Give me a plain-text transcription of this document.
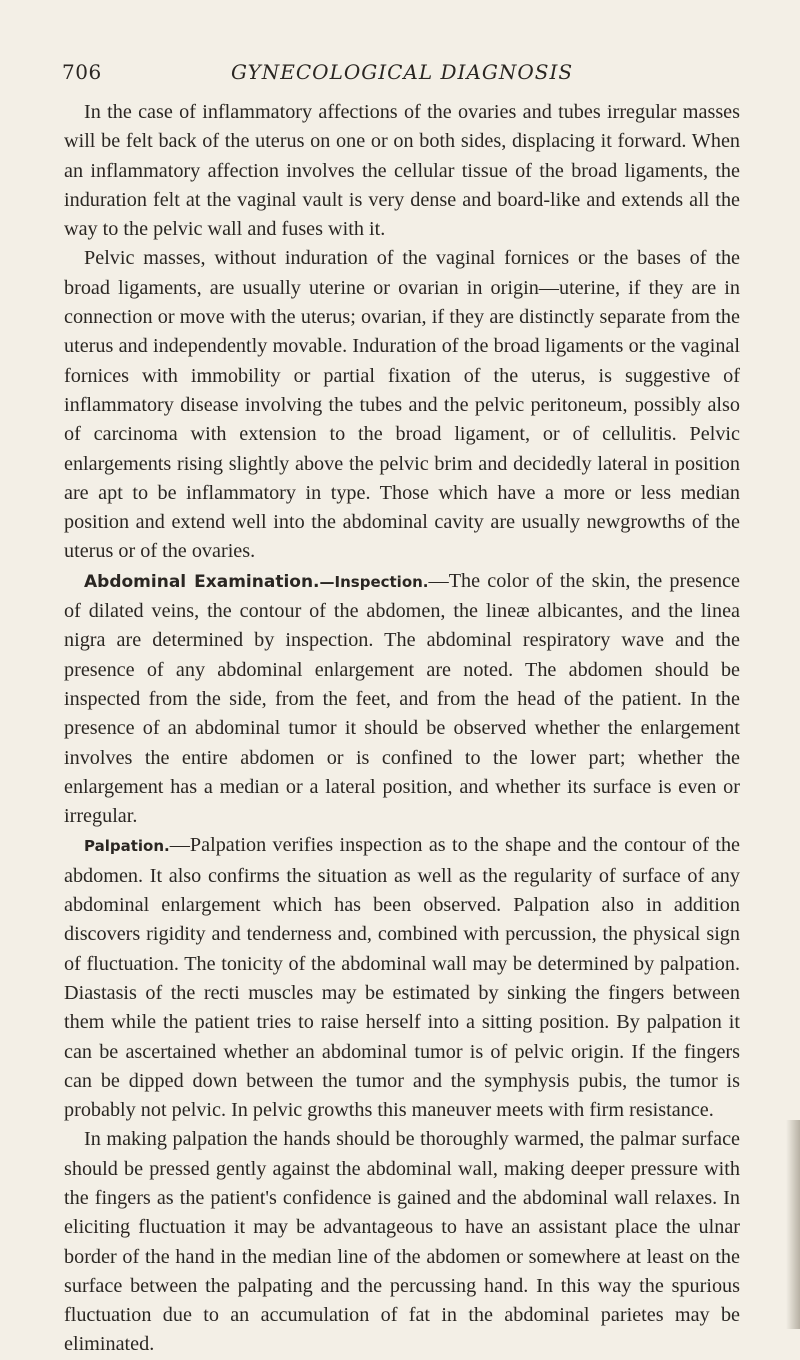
706	GYNECOLOGICAL DIAGNOSIS

In the case of inflammatory affections of the ovaries and tubes irregular masses will be felt back of the uterus on one or on both sides, displacing it forward. When an inflammatory affection involves the cellular tissue of the broad ligaments, the induration felt at the vaginal vault is very dense and board-like and extends all the way to the pelvic wall and fuses with it.

Pelvic masses, without induration of the vaginal fornices or the bases of the broad ligaments, are usually uterine or ovarian in origin—uterine, if they are in connection or move with the uterus; ovarian, if they are distinctly separate from the uterus and independently movable. Induration of the broad ligaments or the vaginal fornices with immobility or partial fixation of the uterus, is suggestive of inflammatory disease involving the tubes and the pelvic peritoneum, possibly also of carcinoma with extension to the broad ligament, or of cellulitis. Pelvic enlargements rising slightly above the pelvic brim and decidedly lateral in position are apt to be inflammatory in type. Those which have a more or less median position and extend well into the abdominal cavity are usually newgrowths of the uterus or of the ovaries.

Abdominal Examination.—Inspection.—The color of the skin, the presence of dilated veins, the contour of the abdomen, the lineæ albicantes, and the linea nigra are determined by inspection. The abdominal respiratory wave and the presence of any abdominal enlargement are noted. The abdomen should be inspected from the side, from the feet, and from the head of the patient. In the presence of an abdominal tumor it should be observed whether the enlargement involves the entire abdomen or is confined to the lower part; whether the enlargement has a median or a lateral position, and whether its surface is even or irregular.

Palpation.—Palpation verifies inspection as to the shape and the contour of the abdomen. It also confirms the situation as well as the regularity of surface of any abdominal enlargement which has been observed. Palpation also in addition discovers rigidity and tenderness and, combined with percussion, the physical sign of fluctuation. The tonicity of the abdominal wall may be determined by palpation. Diastasis of the recti muscles may be estimated by sinking the fingers between them while the patient tries to raise herself into a sitting position. By palpation it can be ascertained whether an abdominal tumor is of pelvic origin. If the fingers can be dipped down between the tumor and the symphysis pubis, the tumor is probably not pelvic. In pelvic growths this maneuver meets with firm resistance.

In making palpation the hands should be thoroughly warmed, the palmar surface should be pressed gently against the abdominal wall, making deeper pressure with the fingers as the patient's confidence is gained and the abdominal wall relaxes. In eliciting fluctuation it may be advantageous to have an assistant place the ulnar border of the hand in the median line of the abdomen or somewhere at least on the surface between the palpating and the percussing hand. In this way the spurious fluctuation due to an accumulation of fat in the abdominal parietes may be eliminated.
